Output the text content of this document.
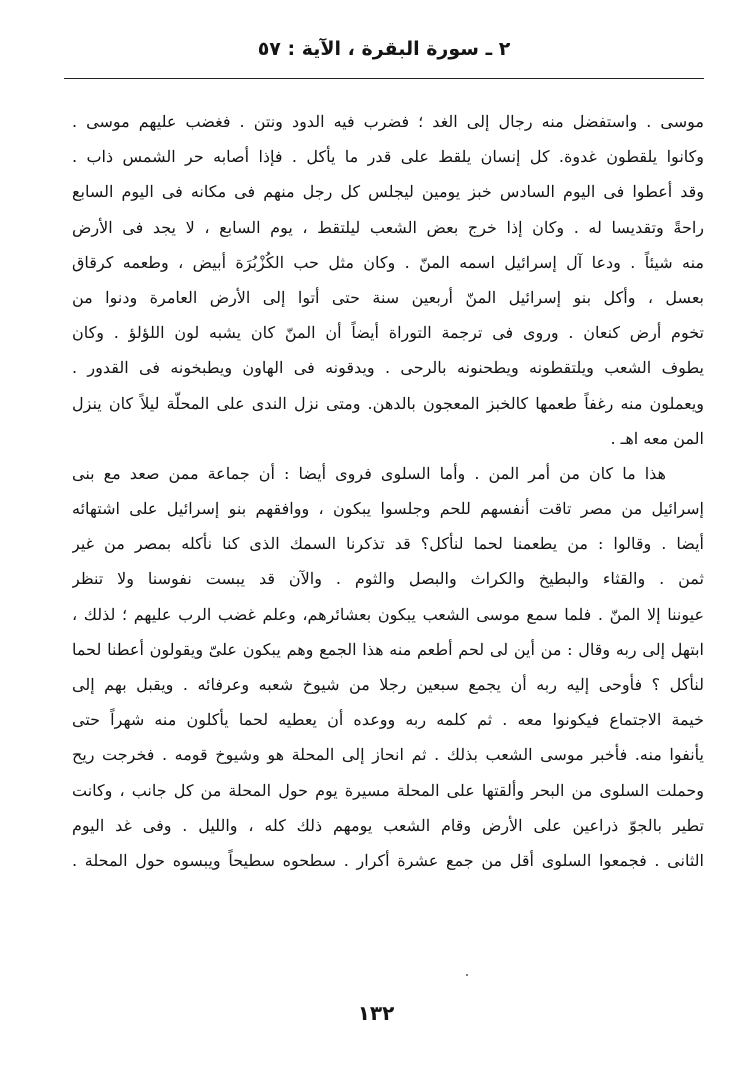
٢ ـ سورة البقرة ، الآية : ٥٧
موسى . واستفضل منه رجال إلى الغد ؛ فضرب فيه الدود ونتن . فغضب عليهم موسى .
وكانوا يلقطون غدوة. كل إنسان يلقط على قدر ما يأكل . فإذا أصابه حر الشمس ذاب .
وقد أعطوا فى اليوم السادس خبز يومين ليجلس كل رجل منهم فى مكانه فى اليوم السابع
راحةً وتقديسا له . وكان إذا خرج بعض الشعب ليلتقط ، يوم السابع ، لا يجد فى الأرض
منه شيئاً . ودعا آل إسرائيل اسمه المنّ . وكان مثل حب الكُزْبُرَة أبيض ، وطعمه كرقاق
بعسل ، وأكل بنو إسرائيل المنّ أربعين سنة حتى أتوا إلى الأرض العامرة ودنوا من
تخوم أرض كنعان . وروى فى ترجمة التوراة أيضاً أن المنّ كان يشبه لون اللؤلؤ . وكان
يطوف الشعب ويلتقطونه ويطحنونه بالرحى . ويدقونه فى الهاون ويطبخونه فى القدور .
ويعملون منه رغفاً طعمها كالخبز المعجون بالدهن. ومتى نزل الندى على المحلّة ليلاً كان ينزل
المن معه اهـ .
هذا ما كان من أمر المن . وأما السلوى فروى أيضا : أن جماعة ممن صعد مع بنى
إسرائيل من مصر تاقت أنفسهم للحم وجلسوا يبكون ، ووافقهم بنو إسرائيل على اشتهائه
أيضا . وقالوا : من يطعمنا لحما لنأكل؟ قد تذكرنا السمك الذى كنا نأكله بمصر من غير
ثمن . والقثاء والبطيخ والكراث والبصل والثوم . والآن قد يبست نفوسنا ولا تنظر
عيوننا إلا المنّ . فلما سمع موسى الشعب يبكون بعشائرهم، وعلم غضب الرب عليهم ؛ لذلك ،
ابتهل إلى ربه وقال : من أين لى لحم أطعم منه هذا الجمع وهم يبكون علىّ ويقولون أعطنا لحما
لنأكل ؟ فأوحى إليه ربه أن يجمع سبعين رجلا من شيوخ شعبه وعرفائه . ويقبل بهم إلى
خيمة الاجتماع فيكونوا معه . ثم كلمه ربه ووعده أن يعطيه لحما يأكلون منه شهراً حتى
يأنفوا منه. فأخبر موسى الشعب بذلك . ثم انحاز إلى المحلة هو وشيوخ قومه . فخرجت ريح
وحملت السلوى من البحر وألقتها على المحلة مسيرة يوم حول المحلة من كل جانب ، وكانت
تطير بالجوّ ذراعين على الأرض وقام الشعب يومهم ذلك كله ، والليل . وفى غد اليوم
الثانى . فجمعوا السلوى أقل من جمع عشرة أكرار . سطحوه سطيحاً ويبسوه حول المحلة .
١٣٢
